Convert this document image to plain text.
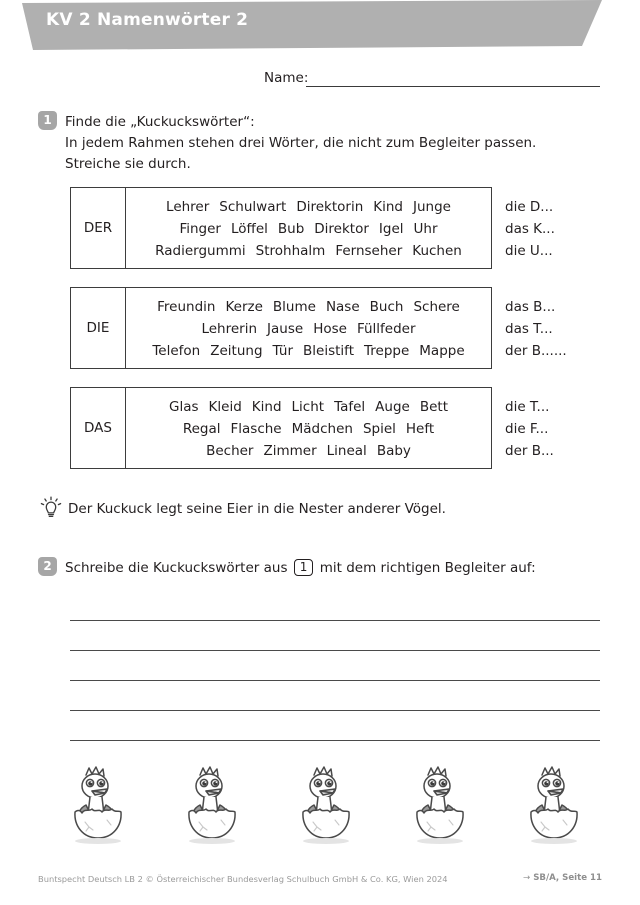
KV 2 Namenwörter 2
Name:
1 Finde die „Kuckuckswörter“:
In jedem Rahmen stehen drei Wörter, die nicht zum Begleiter passen.
Streiche sie durch.
DER
Lehrer Schulwart Direktorin Kind Junge
Finger Löffel Bub Direktor Igel Uhr
Radiergummi Strohhalm Fernseher Kuchen
die D...
das K...
die U...
DIE
Freundin Kerze Blume Nase Buch Schere
Lehrerin Jause Hose Füllfeder
Telefon Zeitung Tür Bleistift Treppe Mappe
das B...
das T...
der B......
DAS
Glas Kleid Kind Licht Tafel Auge Bett
Regal Flasche Mädchen Spiel Heft
Becher Zimmer Lineal Baby
die T...
die F...
der B...
Der Kuckuck legt seine Eier in die Nester anderer Vögel.
2 Schreibe die Kuckuckswörter aus 1 mit dem richtigen Begleiter auf:
Buntspecht Deutsch LB 2 © Österreichischer Bundesverlag Schulbuch GmbH & Co. KG, Wien 2024	→ SB/A, Seite 11
